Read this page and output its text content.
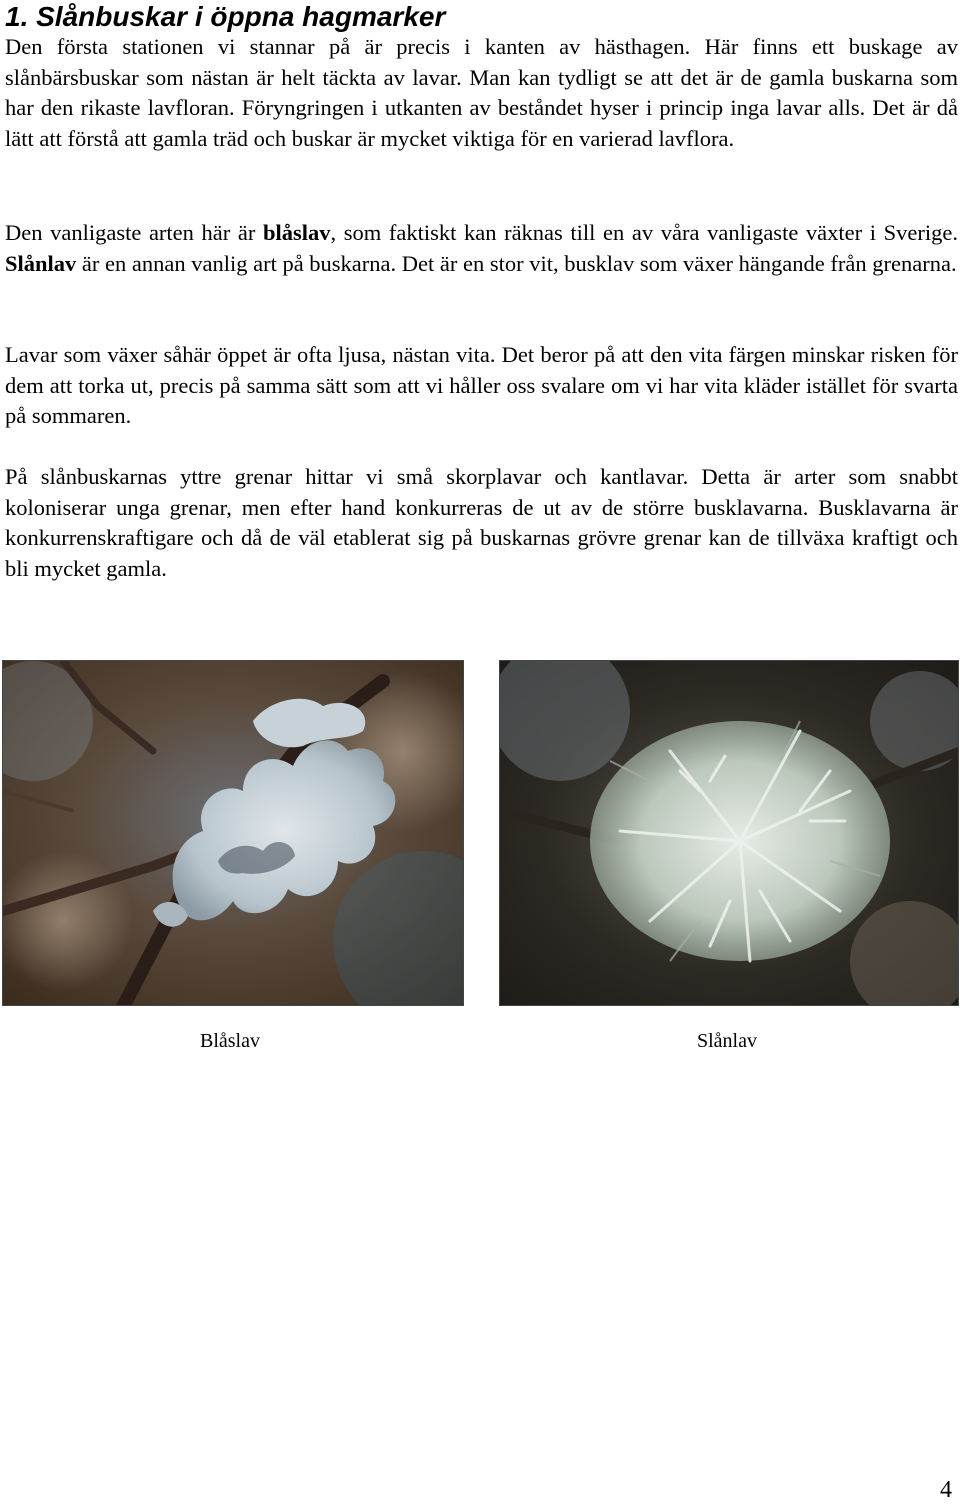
1. Slånbuskar i öppna hagmarker

Den första stationen vi stannar på är precis i kanten av hästhagen. Här finns ett buskage av slånbärsbuskar som nästan är helt täckta av lavar. Man kan tydligt se att det är de gamla buskarna som har den rikaste lavfloran. Föryngringen i utkanten av beståndet hyser i princip inga lavar alls. Det är då lätt att förstå att gamla träd och buskar är mycket viktiga för en varierad lavflora.

Den vanligaste arten här är blåslav, som faktiskt kan räknas till en av våra vanligaste växter i Sverige. Slånlav är en annan vanlig art på buskarna. Det är en stor vit, busklav som växer hängande från grenarna.

Lavar som växer såhär öppet är ofta ljusa, nästan vita. Det beror på att den vita färgen minskar risken för dem att torka ut, precis på samma sätt som att vi håller oss svalare om vi har vita kläder istället för svarta på sommaren.

På slånbuskarnas yttre grenar hittar vi små skorplavar och kantlavar. Detta är arter som snabbt koloniserar unga grenar, men efter hand konkurreras de ut av de större busklavarna. Busklavarna är konkurrenskraftigare och då de väl etablerat sig på buskarnas grövre grenar kan de tillväxa kraftigt och bli mycket gamla.

Blåslav	Slånlav
4
